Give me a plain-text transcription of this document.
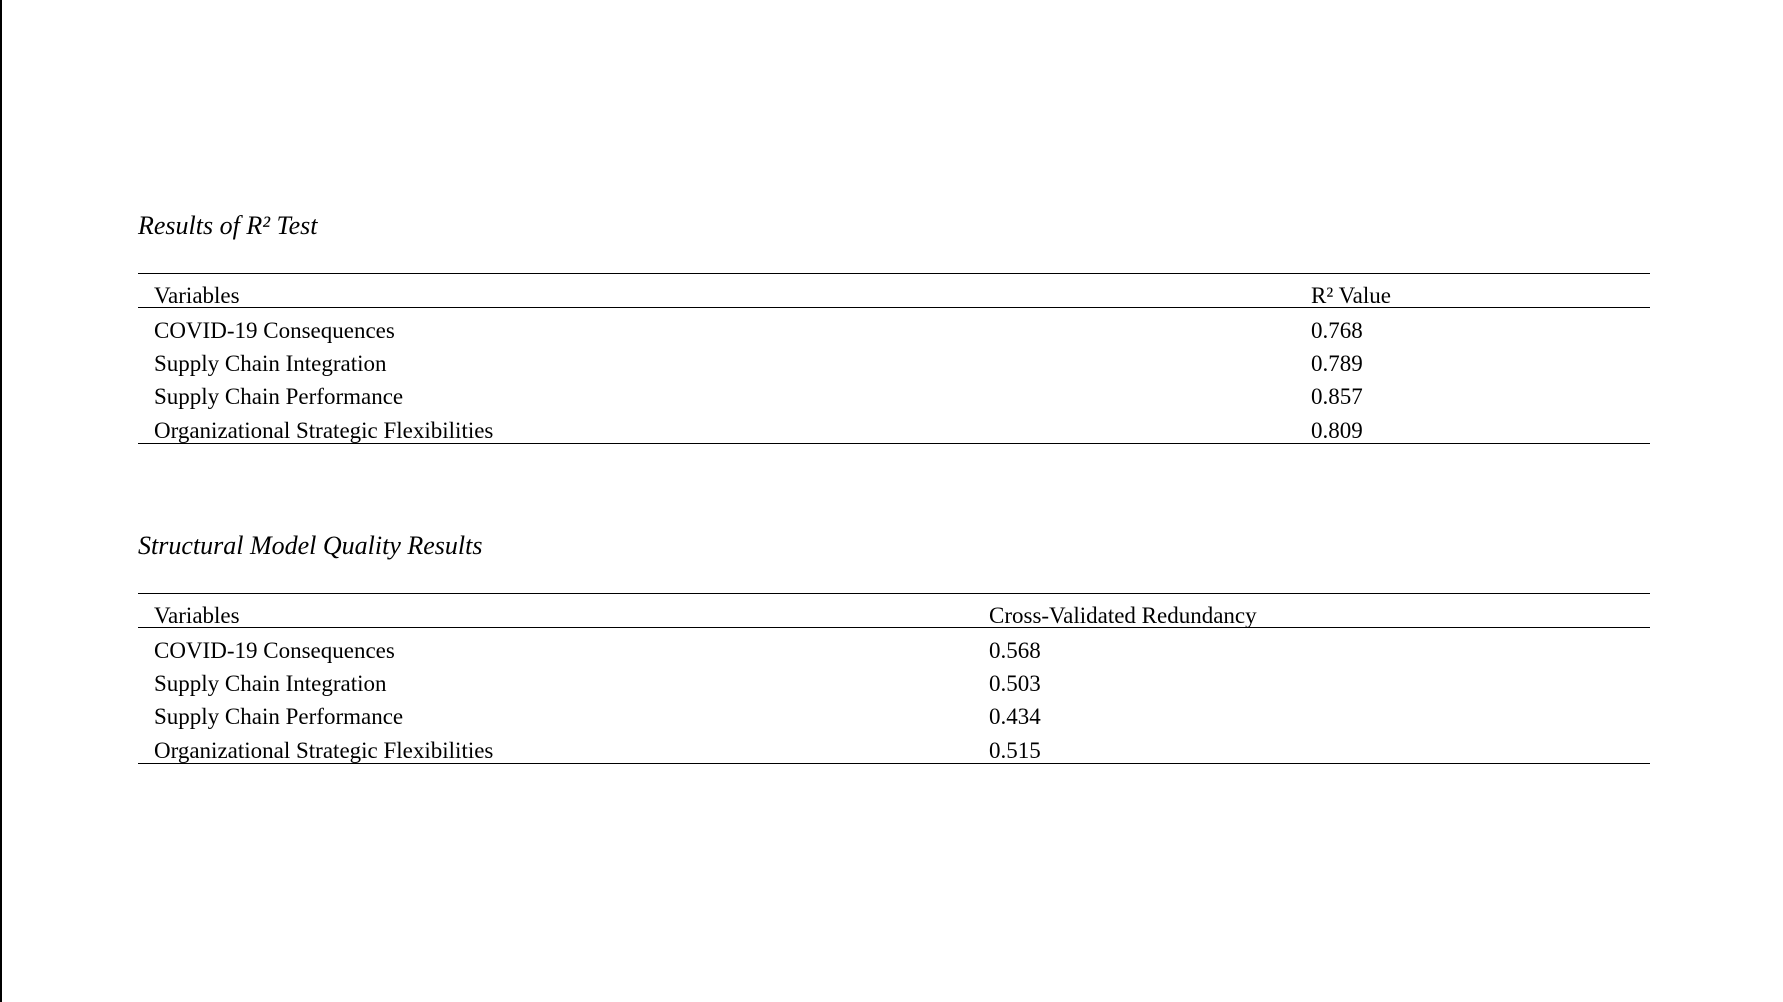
Results of R² Test
Variables	R² Value
COVID-19 Consequences	0.768
Supply Chain Integration	0.789
Supply Chain Performance	0.857
Organizational Strategic Flexibilities	0.809
Structural Model Quality Results
Variables	Cross-Validated Redundancy
COVID-19 Consequences	0.568
Supply Chain Integration	0.503
Supply Chain Performance	0.434
Organizational Strategic Flexibilities	0.515
